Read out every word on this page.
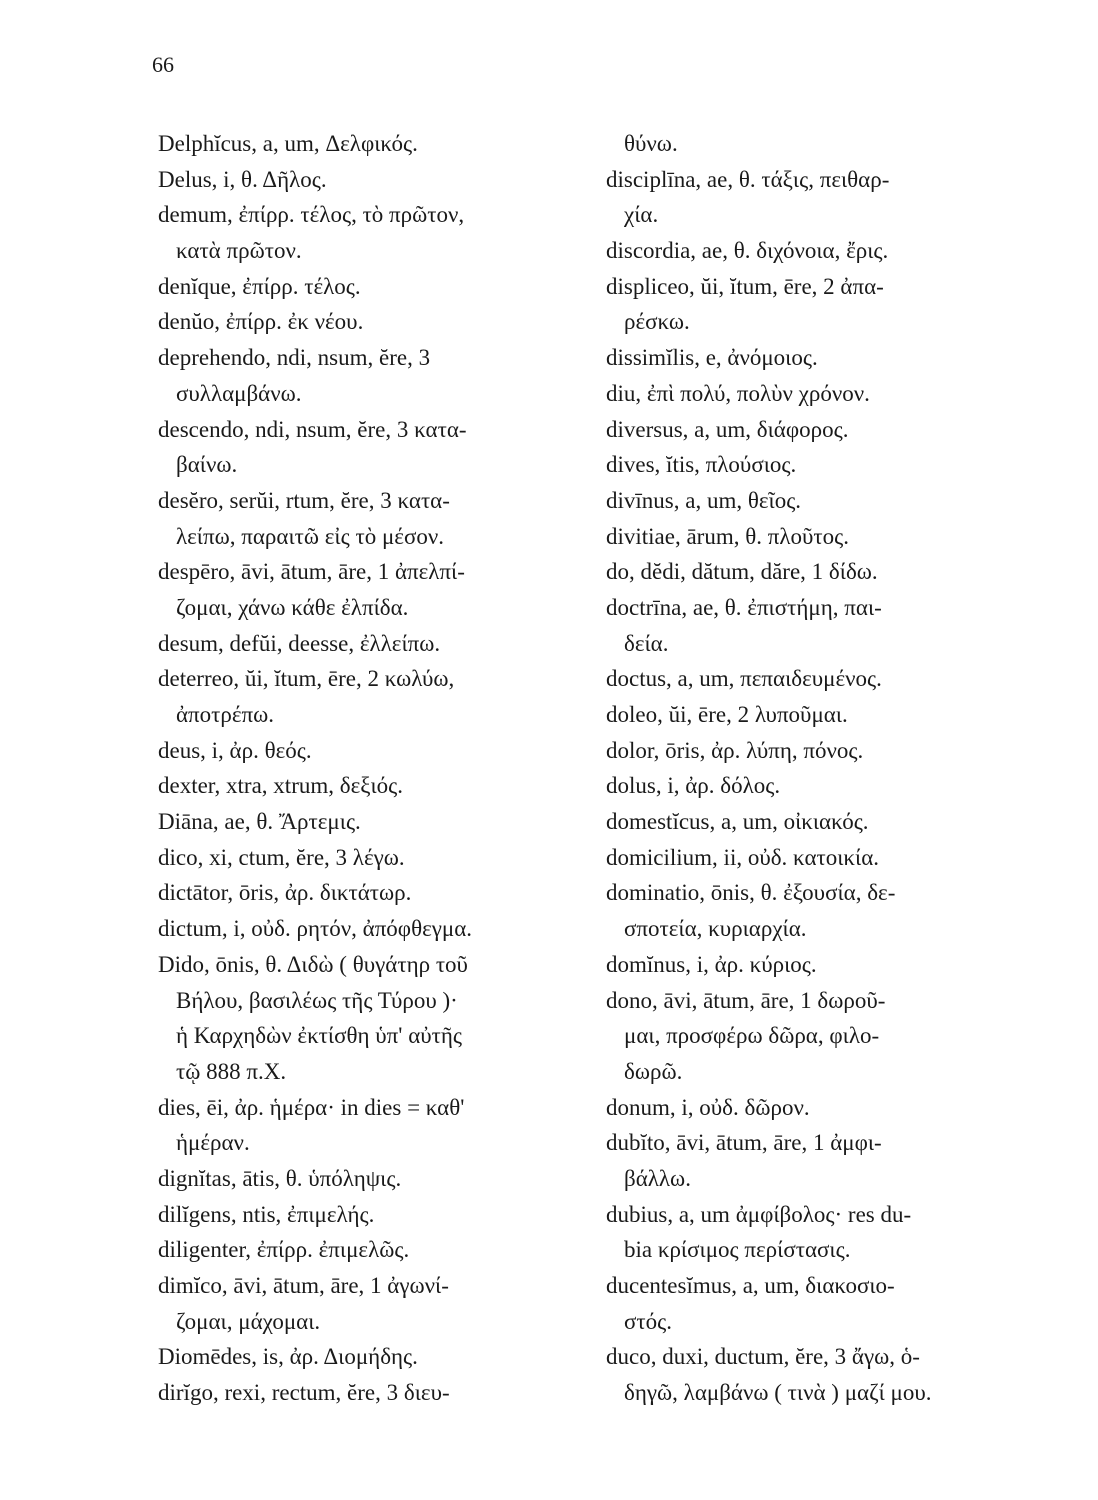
66
Delphĭcus, a, um, Δελφικός.
Delus, i, θ. Δῆλος.
demum, ἐπίρρ. τέλος, τὸ πρῶτον,
κατὰ πρῶτον.
denĭque, ἐπίρρ. τέλος.
denŭo, ἐπίρρ. ἐκ νέου.
deprehendo, ndi, nsum, ĕre, 3
συλλαμβάνω.
descendo, ndi, nsum, ĕre, 3 κατα-
βαίνω.
desĕro, serŭi, rtum, ĕre, 3 κατα-
λείπω, παραιτῶ εἰς τὸ μέσον.
despēro, āvi, ātum, āre, 1 ἀπελπί-
ζομαι, χάνω κάθε ἐλπίδα.
desum, defŭi, deesse, ἐλλείπω.
deterreo, ŭi, ĭtum, ēre, 2 κωλύω,
ἀποτρέπω.
deus, i, ἀρ. θεός.
dexter, xtra, xtrum, δεξιός.
Diāna, ae, θ. Ἄρτεμις.
dico, xi, ctum, ĕre, 3 λέγω.
dictātor, ōris, ἀρ. δικτάτωρ.
dictum, i, οὐδ. ρητόν, ἀπόφθεγμα.
Dido, ōnis, θ. Διδὼ ( θυγάτηρ τοῦ
Βήλου, βασιλέως τῆς Τύρου )·
ἡ Καρχηδὼν ἐκτίσθη ὑπ' αὐτῆς
τῷ 888 π.Χ.
dies, ēi, ἀρ. ἡμέρα· in dies = καθ'
ἡμέραν.
dignĭtas, ātis, θ. ὑπόληψις.
dilĭgens, ntis, ἐπιμελής.
diligenter, ἐπίρρ. ἐπιμελῶς.
dimĭco, āvi, ātum, āre, 1 ἀγωνί-
ζομαι, μάχομαι.
Diomēdes, is, ἀρ. Διομήδης.
dirĭgo, rexi, rectum, ĕre, 3 διευ-
θύνω.
disciplīna, ae, θ. τάξις, πειθαρ-
χία.
discordia, ae, θ. διχόνοια, ἔρις.
displiceo, ŭi, ĭtum, ēre, 2 ἀπα-
ρέσκω.
dissimĭlis, e, ἀνόμοιος.
diu, ἐπὶ πολύ, πολὺν χρόνον.
diversus, a, um, διάφορος.
dives, ĭtis, πλούσιος.
divīnus, a, um, θεῖος.
divitiae, ārum, θ. πλοῦτος.
do, dĕdi, dătum, dăre, 1 δίδω.
doctrīna, ae, θ. ἐπιστήμη, παι-
δεία.
doctus, a, um, πεπαιδευμένος.
doleo, ŭi, ēre, 2 λυποῦμαι.
dolor, ōris, ἀρ. λύπη, πόνος.
dolus, i, ἀρ. δόλος.
domestĭcus, a, um, οἰκιακός.
domicilium, ii, οὐδ. κατοικία.
dominatio, ōnis, θ. ἐξουσία, δε-
σποτεία, κυριαρχία.
domĭnus, i, ἀρ. κύριος.
dono, āvi, ātum, āre, 1 δωροῦ-
μαι, προσφέρω δῶρα, φιλο-
δωρῶ.
donum, i, οὐδ. δῶρον.
dubĭto, āvi, ātum, āre, 1 ἀμφι-
βάλλω.
dubius, a, um ἀμφίβολος· res du-
bia κρίσιμος περίστασις.
ducentesĭmus, a, um, διακοσιο-
στός.
duco, duxi, ductum, ĕre, 3 ἄγω, ὁ-
δηγῶ, λαμβάνω ( τινὰ ) μαζί μου.
